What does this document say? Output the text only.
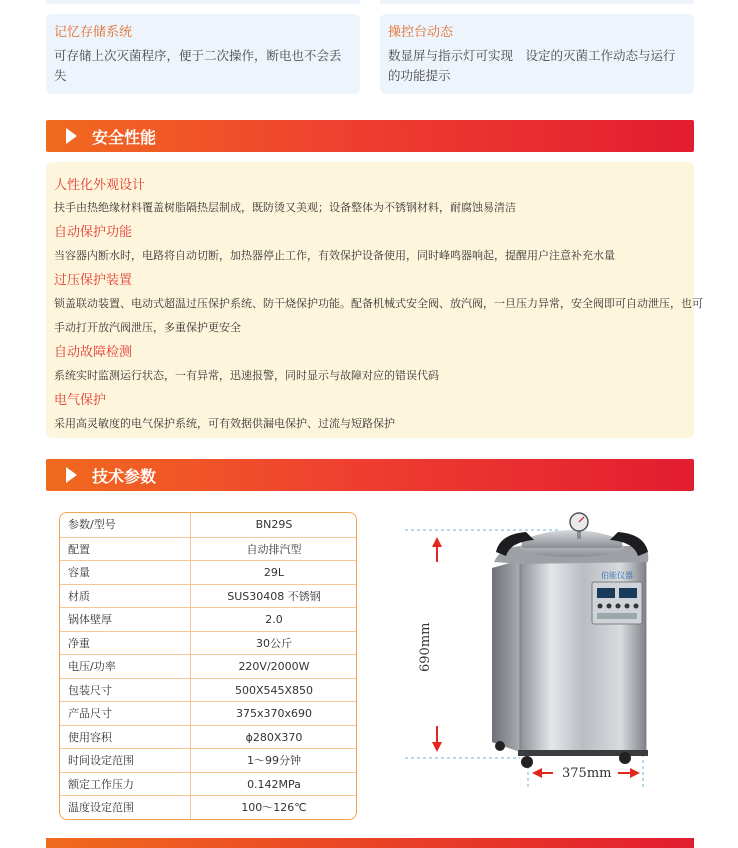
记忆存储系统
可存储上次灭菌程序，便于二次操作，断电也不会丢失
操控台动态
数显屏与指示灯可实现　设定的灭菌工作动态与运行的功能提示
安全性能
人性化外观设计
扶手由热绝缘材料覆盖树脂隔热层制成，既防烫又美观；设备整体为不锈钢材料，耐腐蚀易清洁
自动保护功能
当容器内断水时，电路将自动切断，加热器停止工作，有效保护设备使用，同时峰鸣器响起，提醒用户注意补充水量
过压保护装置
锁盖联动装置、电动式超温过压保护系统、防干烧保护功能。配备机械式安全阀、放汽阀，一旦压力异常，安全阀即可自动泄压，也可
手动打开放汽阀泄压，多重保护更安全
自动故障检测
系统实时监测运行状态，一有异常，迅速报警，同时显示与故障对应的错误代码
电气保护
采用高灵敏度的电气保护系统，可有效据供漏电保护、过流与短路保护
技术参数
参数/型号	BN29S
配置	自动排汽型
容量	29L
材质	SUS30408 不锈钢
锅体壁厚	2.0
净重	30公斤
电压/功率	220V/2000W
包装尺寸	500X545X850
产品尺寸	375x370x690
使用容积	ϕ280X370
时间设定范围	1～99分钟
额定工作压力	0.142MPa
温度设定范围	100～126℃
伯能仪器
690mm
375mm
